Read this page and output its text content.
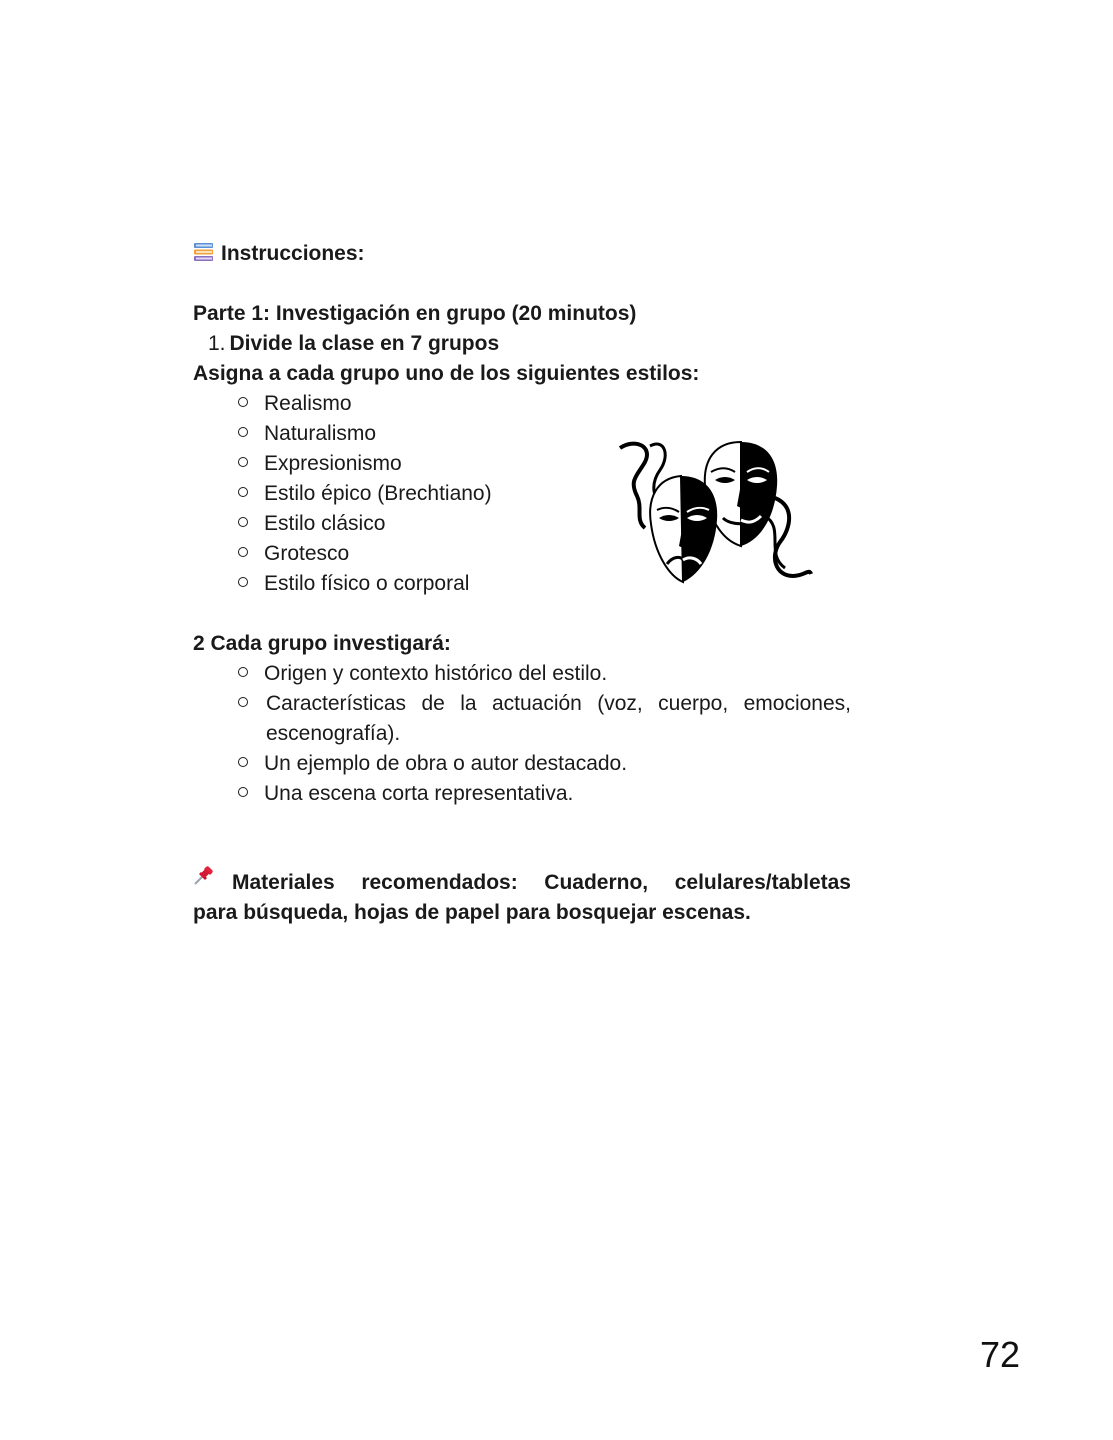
Instrucciones:
Parte 1: Investigación en grupo (20 minutos)
1. Divide la clase en 7 grupos
Asigna a cada grupo uno de los siguientes estilos:
Realismo
Naturalismo
Expresionismo
Estilo épico (Brechtiano)
Estilo clásico
Grotesco
Estilo físico o corporal
2 Cada grupo investigará:
Origen y contexto histórico del estilo.
Características de la actuación (voz, cuerpo, emociones,
escenografía).
Un ejemplo de obra o autor destacado.
Una escena corta representativa.
Materiales recomendados: Cuaderno, celulares/tabletas
para búsqueda, hojas de papel para bosquejar escenas.
72
